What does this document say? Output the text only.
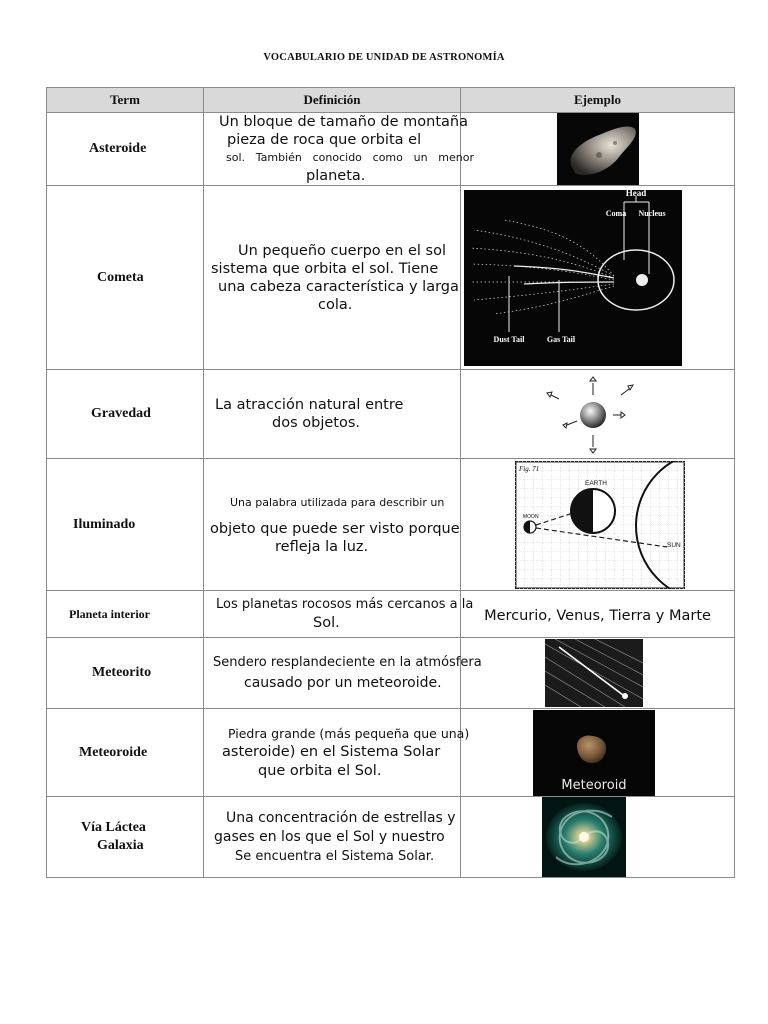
VOCABULARIO DE UNIDAD DE ASTRONOMÍA
Term	Definición	Ejemplo

Asteroide	Un bloque de tamaño de montaña
pieza de roca que orbita el
sol. También conocido como un menor
planeta.

Cometa	Un pequeño cuerpo en el sol
sistema que orbita el sol. Tiene
una cabeza característica y larga
cola.	Head
Coma Nucleus
Dust Tail Gas Tail

Gravedad	La atracción natural entre
dos objetos.

Iluminado	Una palabra utilizada para describir un
objeto que puede ser visto porque
refleja la luz.	Fig. 71
EARTH
MOON
SUN

Planeta interior	Los planetas rocosos más cercanos a la
Sol.	Mercurio, Venus, Tierra y Marte

Meteorito	Sendero resplandeciente en la atmósfera
causado por un meteoroide.

Meteoroide	Piedra grande (más pequeña que una)
asteroide) en el Sistema Solar
que orbita el Sol.	Meteoroid

Vía Láctea
Galaxia	Una concentración de estrellas y
gases en los que el Sol y nuestro
Se encuentra el Sistema Solar.
